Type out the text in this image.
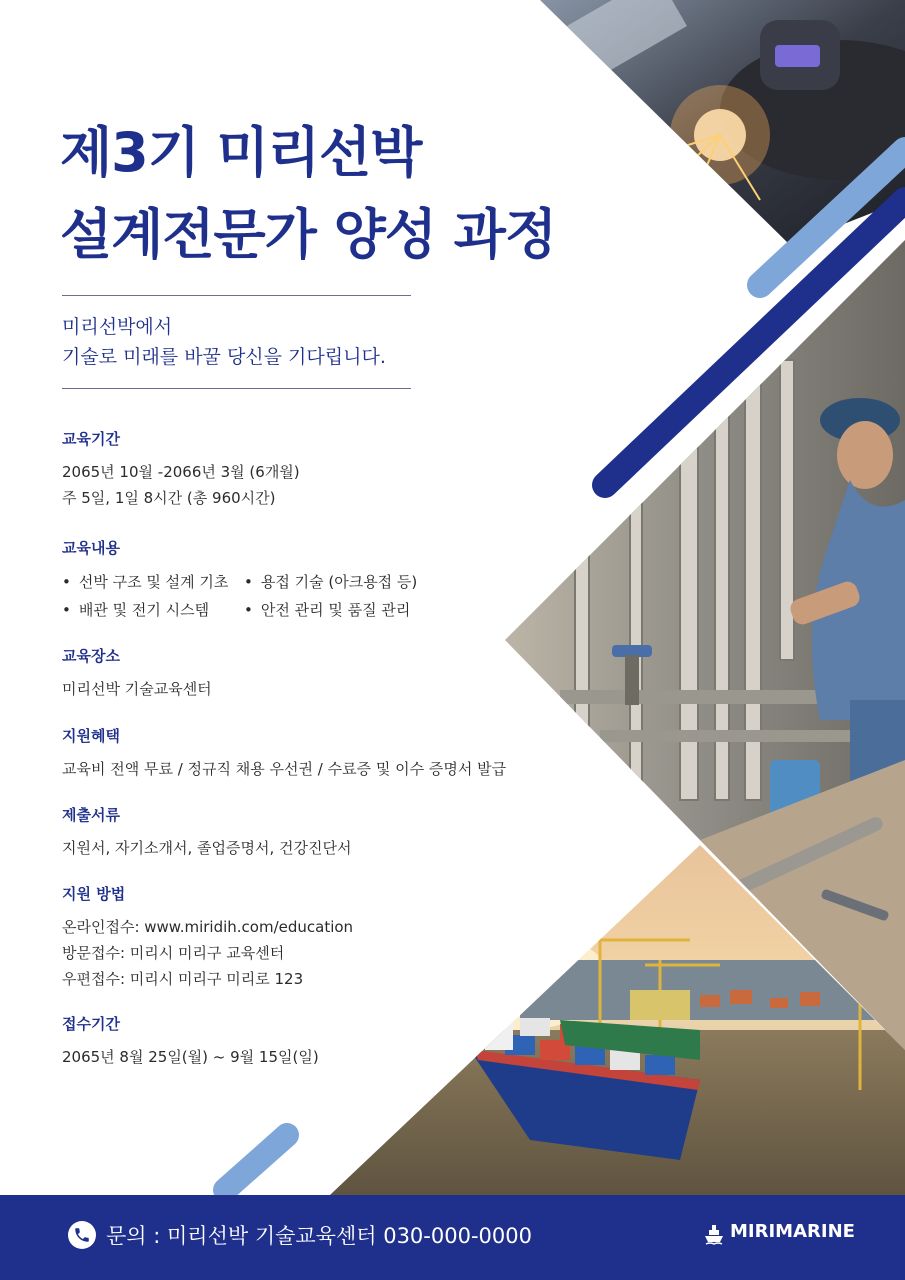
제3기 미리선박
설계전문가 양성 과정
미리선박에서
기술로 미래를 바꿀 당신을 기다립니다.
교육기간

2065년 10월 -2066년 3월 (6개월)

주 5일, 1일 8시간 (총 960시간)

교육내용
• 선박 구조 및 설계 기초	• 용접 기술 (아크용접 등)
• 배관 및 전기 시스템	• 안전 관리 및 품질 관리
교육장소

미리선박 기술교육센터

지원혜택

교육비 전액 무료 / 정규직 채용 우선권 / 수료증 및 이수 증명서 발급

제출서류

지원서, 자기소개서, 졸업증명서, 건강진단서

지원 방법

온라인접수: www.miridih.com/education

방문접수: 미리시 미리구 교육센터

우편접수: 미리시 미리구 미리로 123

접수기간

2065년 8월 25일(월) ~ 9월 15일(일)

문의 : 미리선박 기술교육센터 030-000-0000	MIRIMARINE
